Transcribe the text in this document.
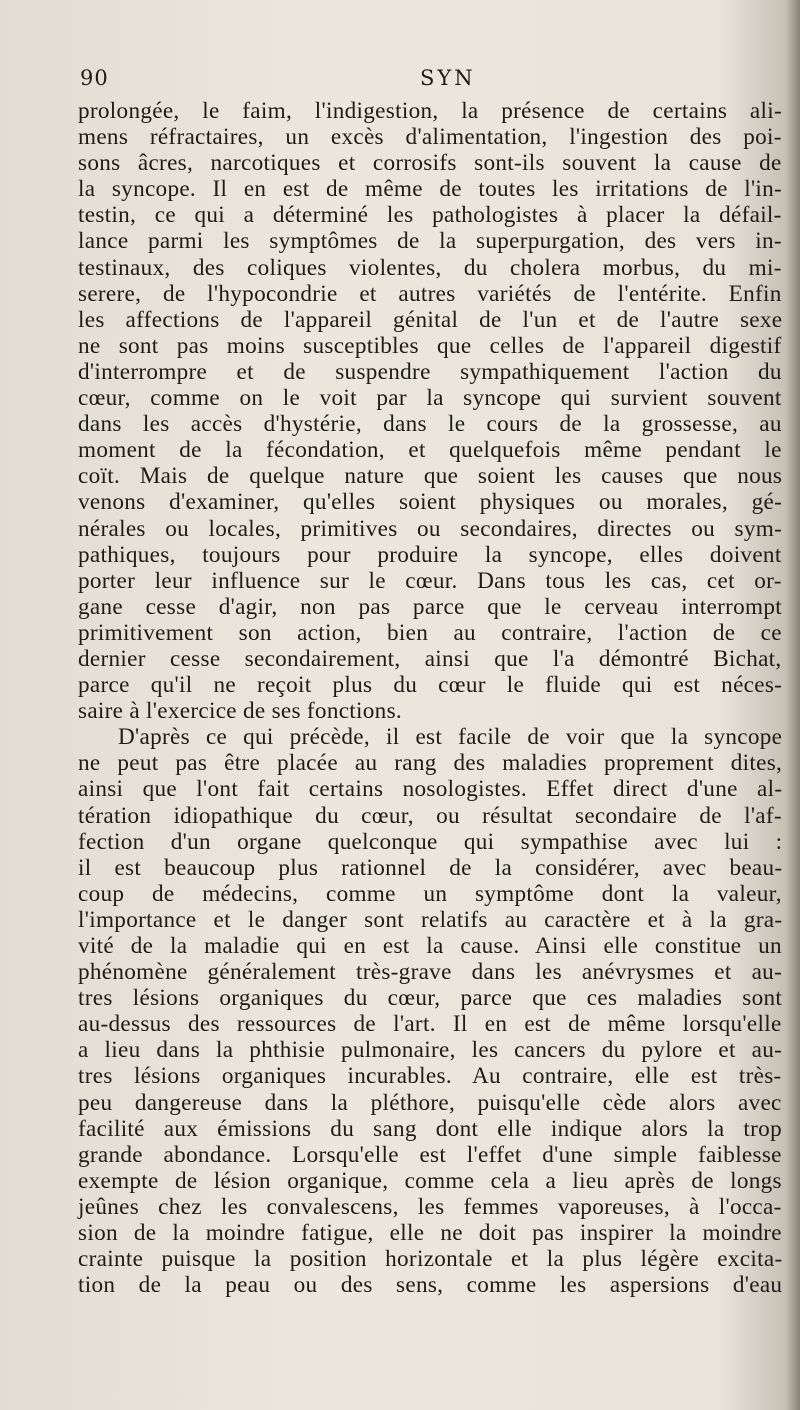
90	SYN
prolongée, le faim, l'indigestion, la présence de certains ali-
mens réfractaires, un excès d'alimentation, l'ingestion des poi-
sons âcres, narcotiques et corrosifs sont-ils souvent la cause de
la syncope. Il en est de même de toutes les irritations de l'in-
testin, ce qui a déterminé les pathologistes à placer la défail-
lance parmi les symptômes de la superpurgation, des vers in-
testinaux, des coliques violentes, du cholera morbus, du mi-
serere, de l'hypocondrie et autres variétés de l'entérite. Enfin
les affections de l'appareil génital de l'un et de l'autre sexe
ne sont pas moins susceptibles que celles de l'appareil digestif
d'interrompre et de suspendre sympathiquement l'action du
cœur, comme on le voit par la syncope qui survient souvent
dans les accès d'hystérie, dans le cours de la grossesse, au
moment de la fécondation, et quelquefois même pendant le
coït. Mais de quelque nature que soient les causes que nous
venons d'examiner, qu'elles soient physiques ou morales, gé-
nérales ou locales, primitives ou secondaires, directes ou sym-
pathiques, toujours pour produire la syncope, elles doivent
porter leur influence sur le cœur. Dans tous les cas, cet or-
gane cesse d'agir, non pas parce que le cerveau interrompt
primitivement son action, bien au contraire, l'action de ce
dernier cesse secondairement, ainsi que l'a démontré Bichat,
parce qu'il ne reçoit plus du cœur le fluide qui est néces-
saire à l'exercice de ses fonctions.
D'après ce qui précède, il est facile de voir que la syncope
ne peut pas être placée au rang des maladies proprement dites,
ainsi que l'ont fait certains nosologistes. Effet direct d'une al-
tération idiopathique du cœur, ou résultat secondaire de l'af-
fection d'un organe quelconque qui sympathise avec lui :
il est beaucoup plus rationnel de la considérer, avec beau-
coup de médecins, comme un symptôme dont la valeur,
l'importance et le danger sont relatifs au caractère et à la gra-
vité de la maladie qui en est la cause. Ainsi elle constitue un
phénomène généralement très-grave dans les anévrysmes et au-
tres lésions organiques du cœur, parce que ces maladies sont
au-dessus des ressources de l'art. Il en est de même lorsqu'elle
a lieu dans la phthisie pulmonaire, les cancers du pylore et au-
tres lésions organiques incurables. Au contraire, elle est très-
peu dangereuse dans la pléthore, puisqu'elle cède alors avec
facilité aux émissions du sang dont elle indique alors la trop
grande abondance. Lorsqu'elle est l'effet d'une simple faiblesse
exempte de lésion organique, comme cela a lieu après de longs
jeûnes chez les convalescens, les femmes vaporeuses, à l'occa-
sion de la moindre fatigue, elle ne doit pas inspirer la moindre
crainte puisque la position horizontale et la plus légère excita-
tion de la peau ou des sens, comme les aspersions d'eau
